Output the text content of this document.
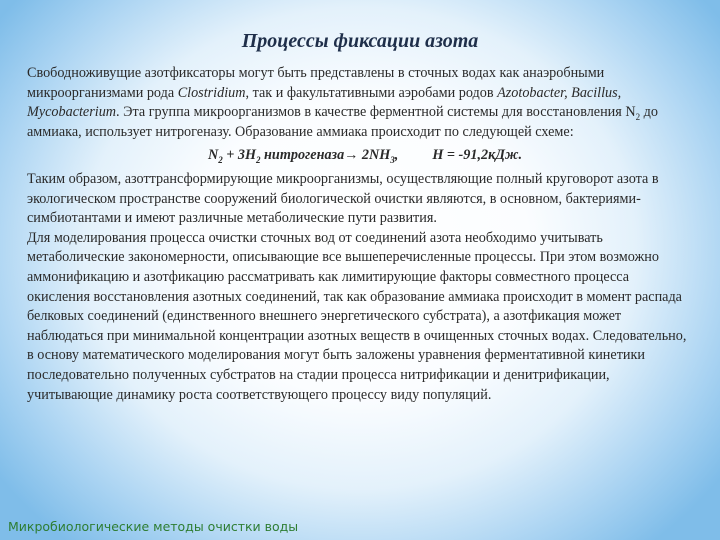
Процессы фиксации азота

Свободноживущие азотфиксаторы могут быть представлены в сточных водах как анаэробными микроорганизмами рода Clostridium, так и факультативными аэробами родов Azotobacter, Bacillus, Mycobacterium. Эта группа микроорганизмов в качестве ферментной системы для восстановления $N_2$ до аммиака, использует нитрогеназу. Образование аммиака происходит по следующей схеме:

$N_2 + 3H_2$ нитрогеназа→ $2NH_3$, H = -91,2кДж.

Таким образом, азоттрансформирующие микроорганизмы, осуществляющие полный круговорот азота в экологическом пространстве сооружений биологической очистки являются, в основном, бактериями-симбиотантами и имеют различные метаболические пути развития.

Для моделирования процесса очистки сточных вод от соединений азота необходимо учитывать метаболические закономерности, описывающие все вышеперечисленные процессы. При этом возможно аммонификацию и азотфикацию рассматривать как лимитирующие факторы совместного процесса окисления восстановления азотных соединений, так как образование аммиака происходит в момент распада белковых соединений (единственного внешнего энергетического субстрата), а азотфикация может наблюдаться при минимальной концентрации азотных веществ в очищенных сточных водах. Следовательно, в основу математического моделирования могут быть заложены уравнения ферментативной кинетики последовательно полученных субстратов на стадии процесса нитрификации и денитрификации, учитывающие динамику роста соответствующего процессу виду популяций.

Микробиологические методы очистки воды
